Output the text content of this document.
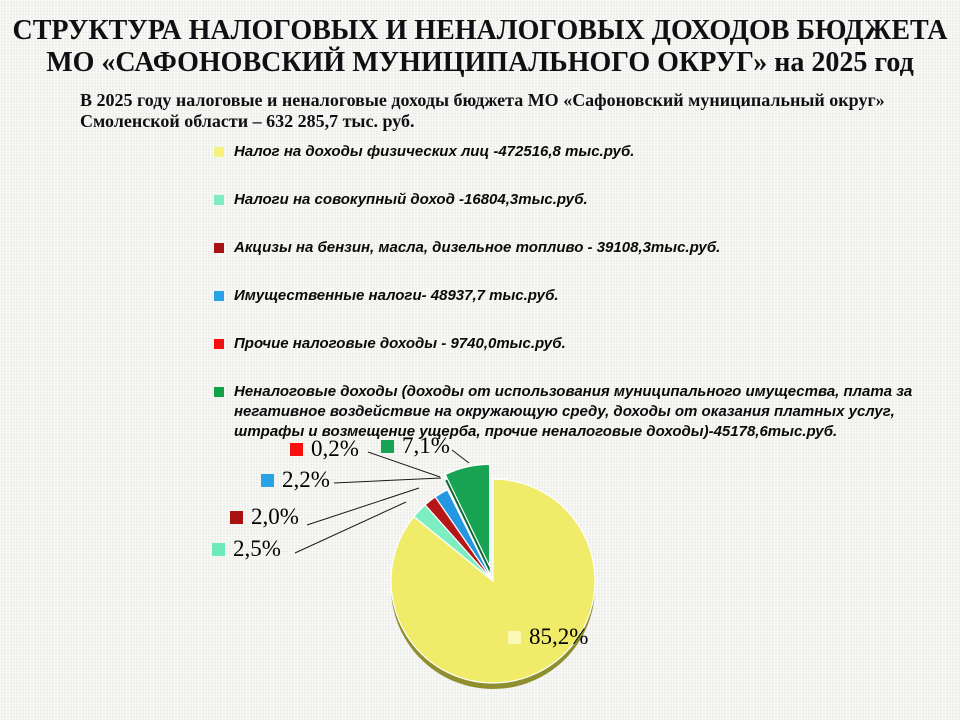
СТРУКТУРА НАЛОГОВЫХ И НЕНАЛОГОВЫХ ДОХОДОВ БЮДЖЕТА
МО «САФОНОВСКИЙ МУНИЦИПАЛЬНОГО ОКРУГ» на 2025 год
В 2025 году налоговые и неналоговые доходы бюджета МО «Сафоновский муниципальный округ»
Смоленской области – 632 285,7 тыс. руб.
Налог на доходы физических лиц -472516,8 тыс.руб.
Налоги на совокупный доход -16804,3тыс.руб.
Акцизы на бензин, масла, дизельное топливо - 39108,3тыс.руб.
Имущественные налоги- 48937,7 тыс.руб.
Прочие налоговые доходы - 9740,0тыс.руб.
Неналоговые доходы (доходы от использования муниципального имущества, плата за негативное воздействие на окружающую среду, доходы от оказания платных услуг, штрафы и возмещение ущерба, прочие неналоговые доходы)-45178,6тыс.руб.
0,2% 7,1%
2,2%
2,0%
2,5%
85,2%
